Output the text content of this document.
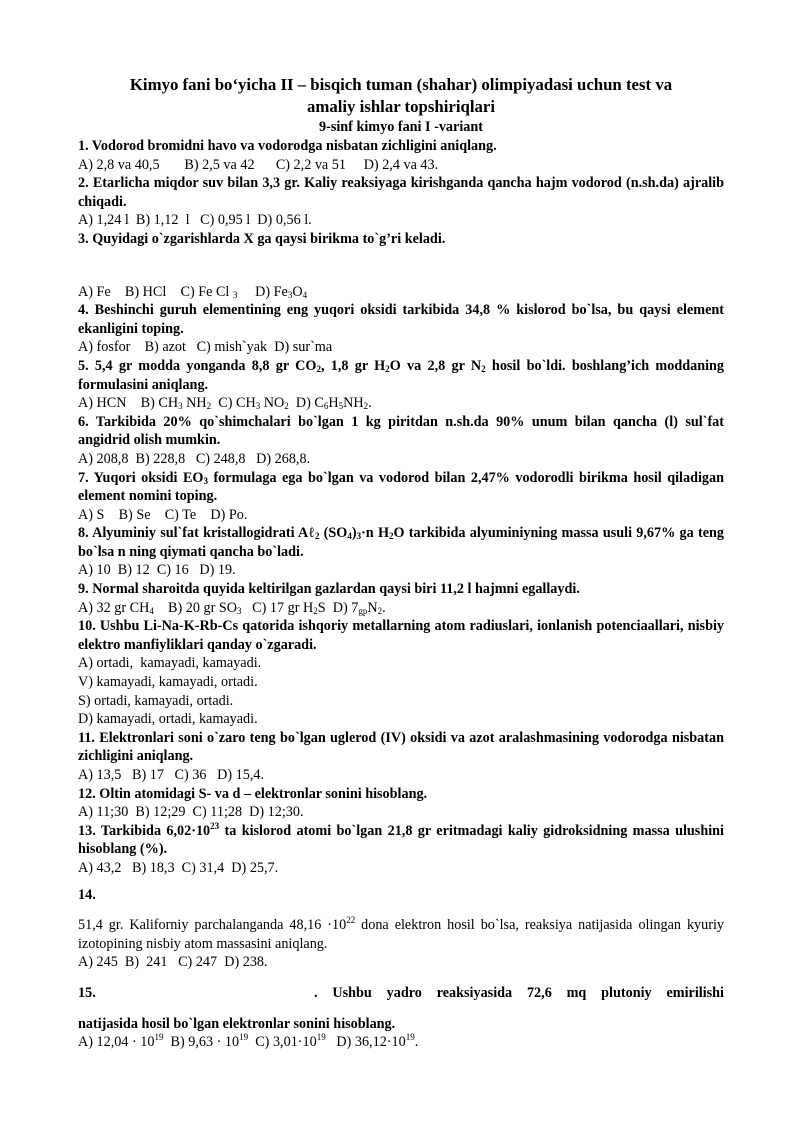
Kimyo fani bo‘yicha II – bisqich tuman (shahar) olimpiyadasi uchun test va
amaliy ishlar topshiriqlari
9-sinf kimyo fani I -variant
1. Vodorod bromidni havo va vodorodga nisbatan zichligini aniqlang.
A) 2,8 va 40,5       B) 2,5 va 42      C) 2,2 va 51     D) 2,4 va 43.
2. Etarlicha miqdor suv bilan 3,3 gr. Kaliy reaksiyaga kirishganda qancha hajm vodorod (n.sh.da) ajralib chiqadi.
A) 1,24 l  B) 1,12  l   C) 0,95 l  D) 0,56 l.
3. Quyidagi o`zgarishlarda X ga qaysi birikma to`g’ri keladi.
A) Fe B) HCl C) Fe Cl $_3$ D) $Fe_3O_4$
4. Beshinchi guruh elementining eng yuqori oksidi tarkibida 34,8 % kislorod bo`lsa, bu qaysi element ekanligini toping.
A) fosfor    B) azot   C) mish`yak  D) sur`ma
5. 5,4 gr modda yonganda 8,8 gr $CO_2$, 1,8 gr $H_2O$ va 2,8 gr $N_2$ hosil bo`ldi. boshlang’ich moddaning formulasini aniqlang.
A) HCN    B) $CH_3$ $NH_2$  C) $CH_3$ $NO_2$  D) $C_6H_5NH_2$.
6. Tarkibida 20% qo`shimchalari bo`lgan 1 kg piritdan n.sh.da 90% unum bilan qancha (l) sul`fat angidrid olish mumkin.
A) 208,8  B) 228,8   C) 248,8   D) 268,8.
7. Yuqori oksidi $EO_3$ formulaga ega bo`lgan va vodorod bilan 2,47% vodorodli birikma hosil qiladigan element nomini toping.
A) S    B) Se    C) Te    D) Po.
8. Alyuminiy sul`fat kristallogidrati Aℓ$_2$ $(SO_4)_3\cdot n$ $H_2O$ tarkibida alyuminiyning massa usuli 9,67% ga teng bo`lsa n ning qiymati qancha bo`ladi.
A) 10  B) 12  C) 16   D) 19.
9. Normal sharoitda quyida keltirilgan gazlardan qaysi biri 11,2 l hajmni egallaydi.
A) 32 gr $CH_4$    B) 20 gr $SO_3$   C) 17 gr $H_2S$  D) $7_{gp}N_2$.
10. Ushbu Li-Na-K-Rb-Cs qatorida ishqoriy metallarning atom radiuslari, ionlanish potenciaallari, nisbiy elektro manfiyliklari qanday o`zgaradi.
A) ortadi,  kamayadi, kamayadi.
V) kamayadi, kamayadi, ortadi.
S) ortadi, kamayadi, ortadi.
D) kamayadi, ortadi, kamayadi.
11. Elektronlari soni o`zaro teng bo`lgan uglerod (IV) oksidi va azot aralashmasining vodorodga nisbatan zichligini aniqlang.
A) 13,5   B) 17   C) 36   D) 15,4.
12. Oltin atomidagi S- va d – elektronlar sonini hisoblang.
A) 11;30  B) 12;29  C) 11;28  D) 12;30.
13. Tarkibida $6,02\cdot 10^{23}$ ta kislorod atomi bo`lgan 21,8 gr eritmadagi kaliy gidroksidning massa ulushini hisoblang (%).
A) 43,2   B) 18,3  C) 31,4  D) 25,7.
14.
51,4 gr. Kaliforniy parchalanganda $48,16 \cdot 10^{22}$ dona elektron hosil bo`lsa, reaksiya natijasida olingan kyuriy izotopining nisbiy atom massasini aniqlang.
A) 245  B)  241   C) 247  D) 238.
15.	. Ushbu yadro reaksiyasida 72,6 mq plutoniy emirilishi
natijasida hosil bo`lgan elektronlar sonini hisoblang.
A) $12,04 \cdot 10^{19}$  B) $9,63 \cdot 10^{19}$  C) $3,01\cdot 10^{19}$   D) $36,12\cdot 10^{19}$.
